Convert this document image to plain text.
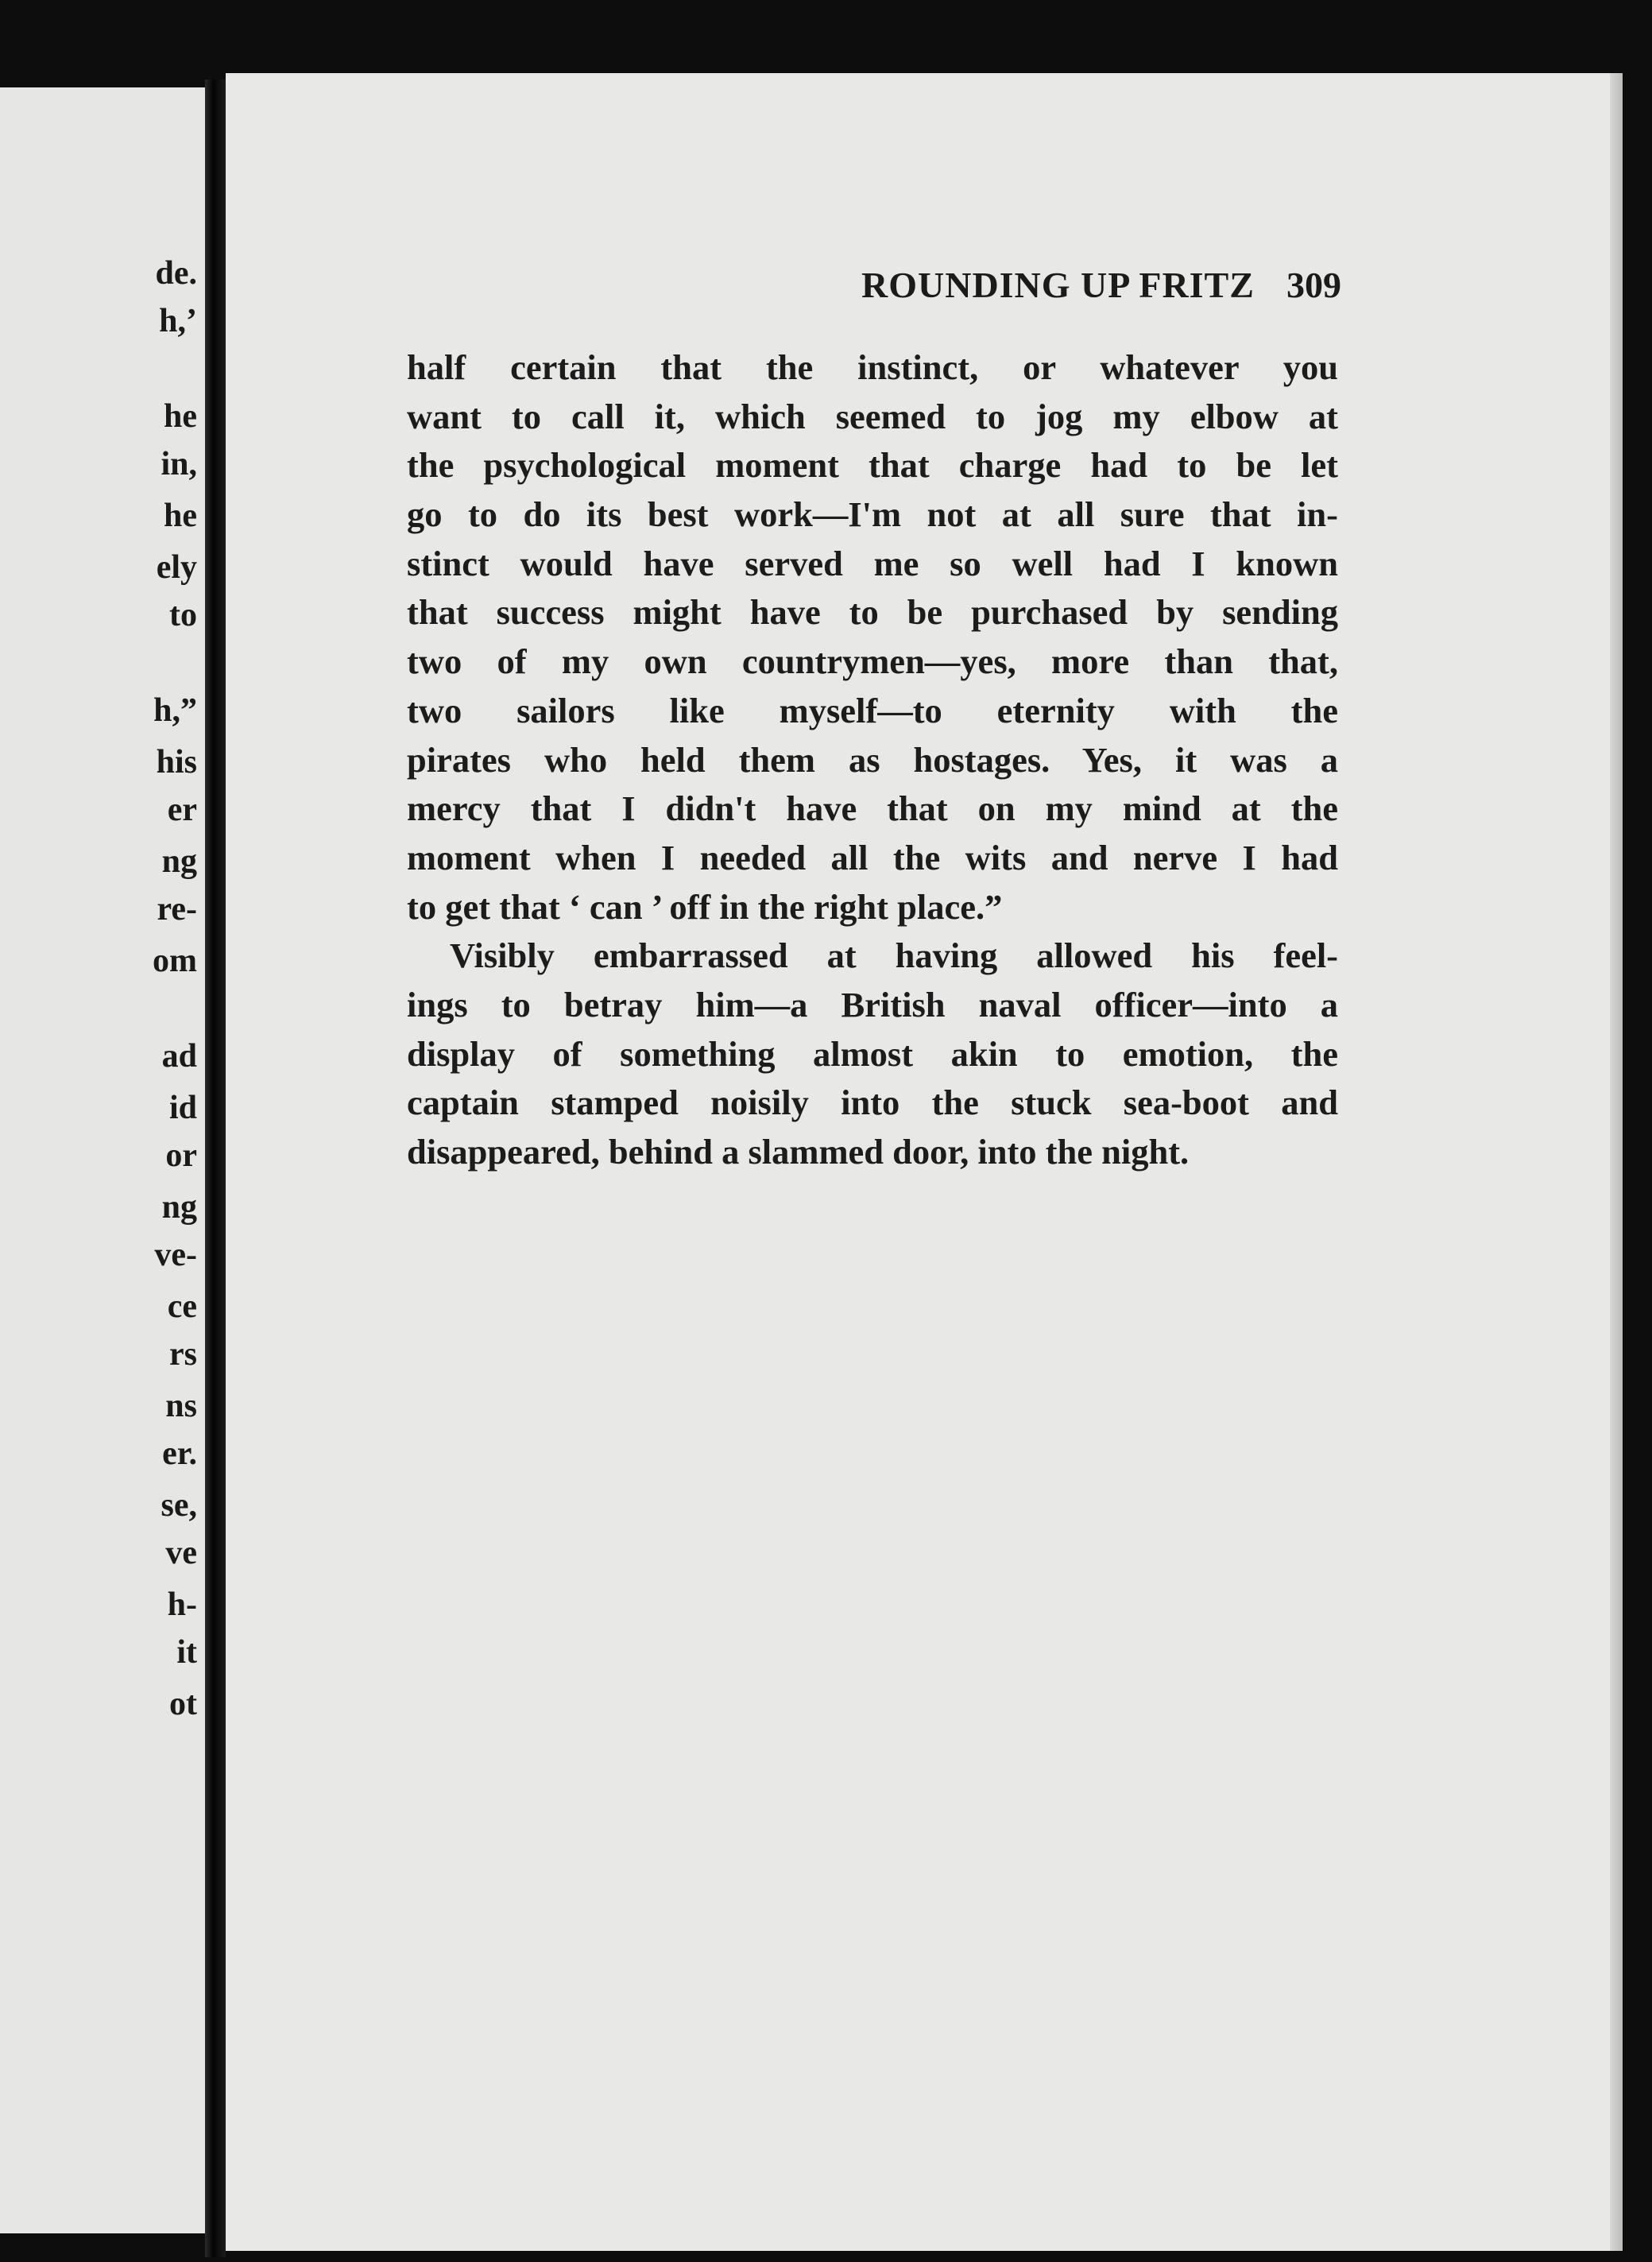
de.
h,’
he
in,
he
ely
to
h,”
his
er
ng
re-
om
ad
id
or
ng
ve-
ce
rs
ns
er.
se,
ve
h-
it
ot
ROUNDING UP FRITZ 309
half certain that the instinct, or whatever you
want to call it, which seemed to jog my elbow at
the psychological moment that charge had to be let
go to do its best work—I'm not at all sure that in-
stinct would have served me so well had I known
that success might have to be purchased by sending
two of my own countrymen—yes, more than that,
two sailors like myself—to eternity with the
pirates who held them as hostages. Yes, it was a
mercy that I didn't have that on my mind at the
moment when I needed all the wits and nerve I had
to get that ‘ can ’ off in the right place.”
Visibly embarrassed at having allowed his feel-
ings to betray him—a British naval officer—into a
display of something almost akin to emotion, the
captain stamped noisily into the stuck sea-boot and
disappeared, behind a slammed door, into the night.
